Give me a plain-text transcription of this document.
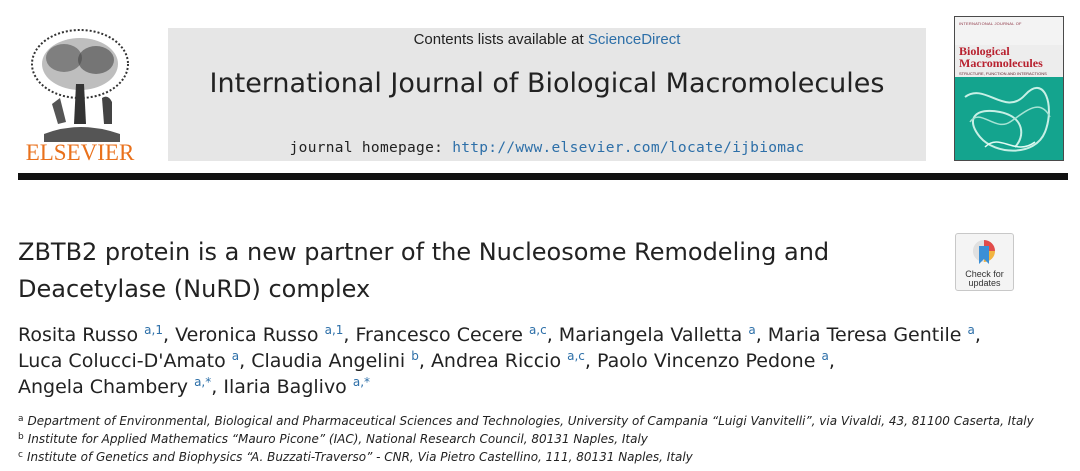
ELSEVIER
Contents lists available at ScienceDirect
International Journal of Biological Macromolecules
journal homepage: http://www.elsevier.com/locate/ijbiomac
INTERNATIONAL JOURNAL OF
Biological
Macromolecules
STRUCTURE, FUNCTION AND INTERACTIONS
ZBTB2 protein is a new partner of the Nucleosome Remodeling and
Deacetylase (NuRD) complex
Check for
updates
Rosita Russo $^{a,1}$, Veronica Russo $^{a,1}$, Francesco Cecere $^{a,c}$, Mariangela Valletta $^a$, Maria Teresa Gentile $^a$,
Luca Colucci-D'Amato $^a$, Claudia Angelini $^b$, Andrea Riccio $^{a,c}$, Paolo Vincenzo Pedone $^a$,
Angela Chambery $^{a,*}$, Ilaria Baglivo $^{a,*}$
$^a$ Department of Environmental, Biological and Pharmaceutical Sciences and Technologies, University of Campania “Luigi Vanvitelli”, via Vivaldi, 43, 81100 Caserta, Italy
$^b$ Institute for Applied Mathematics “Mauro Picone” (IAC), National Research Council, 80131 Naples, Italy
$^c$ Institute of Genetics and Biophysics “A. Buzzati-Traverso” - CNR, Via Pietro Castellino, 111, 80131 Naples, Italy
